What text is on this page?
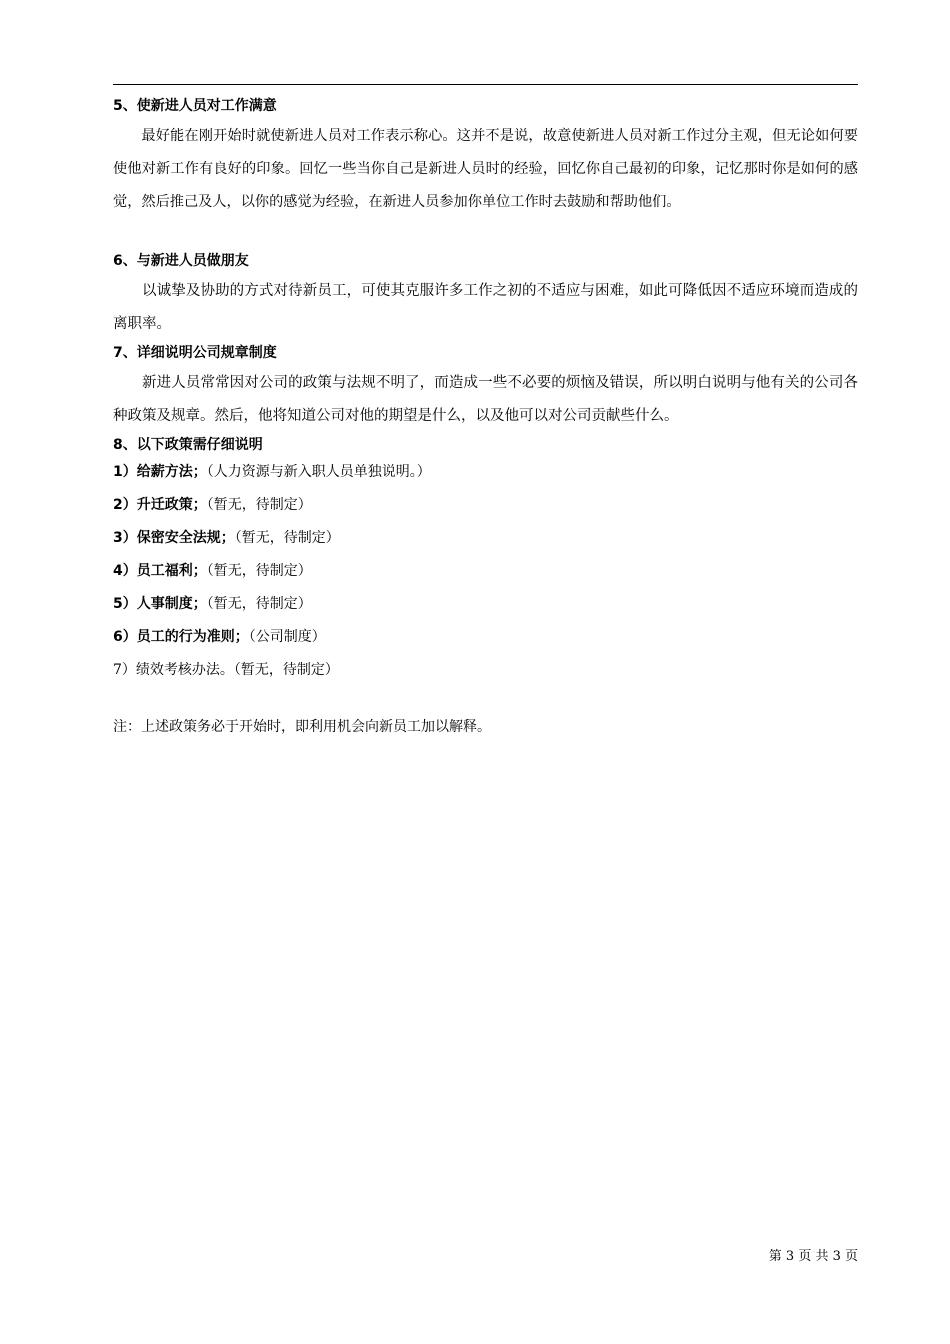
5、使新进人员对工作满意

最好能在刚开始时就使新进人员对工作表示称心。这并不是说，故意使新进人员对新工作过分主观，但无论如何要使他对新工作有良好的印象。回忆一些当你自己是新进人员时的经验，回忆你自己最初的印象，记忆那时你是如何的感觉，然后推己及人，以你的感觉为经验，在新进人员参加你单位工作时去鼓励和帮助他们。

6、与新进人员做朋友

以诚挚及协助的方式对待新员工，可使其克服许多工作之初的不适应与困难，如此可降低因不适应环境而造成的离职率。

7、详细说明公司规章制度

新进人员常常因对公司的政策与法规不明了，而造成一些不必要的烦恼及错误，所以明白说明与他有关的公司各种政策及规章。然后，他将知道公司对他的期望是什么，以及他可以对公司贡献些什么。

8、以下政策需仔细说明
1）给薪方法；（人力资源与新入职人员单独说明。）
2）升迁政策；（暂无，待制定）
3）保密安全法规；（暂无，待制定）
4）员工福利；（暂无，待制定）
5）人事制度；（暂无，待制定）
6）员工的行为准则；（公司制度）
7）绩效考核办法。（暂无，待制定）
注：上述政策务必于开始时，即利用机会向新员工加以解释。
第 3 页 共 3 页
